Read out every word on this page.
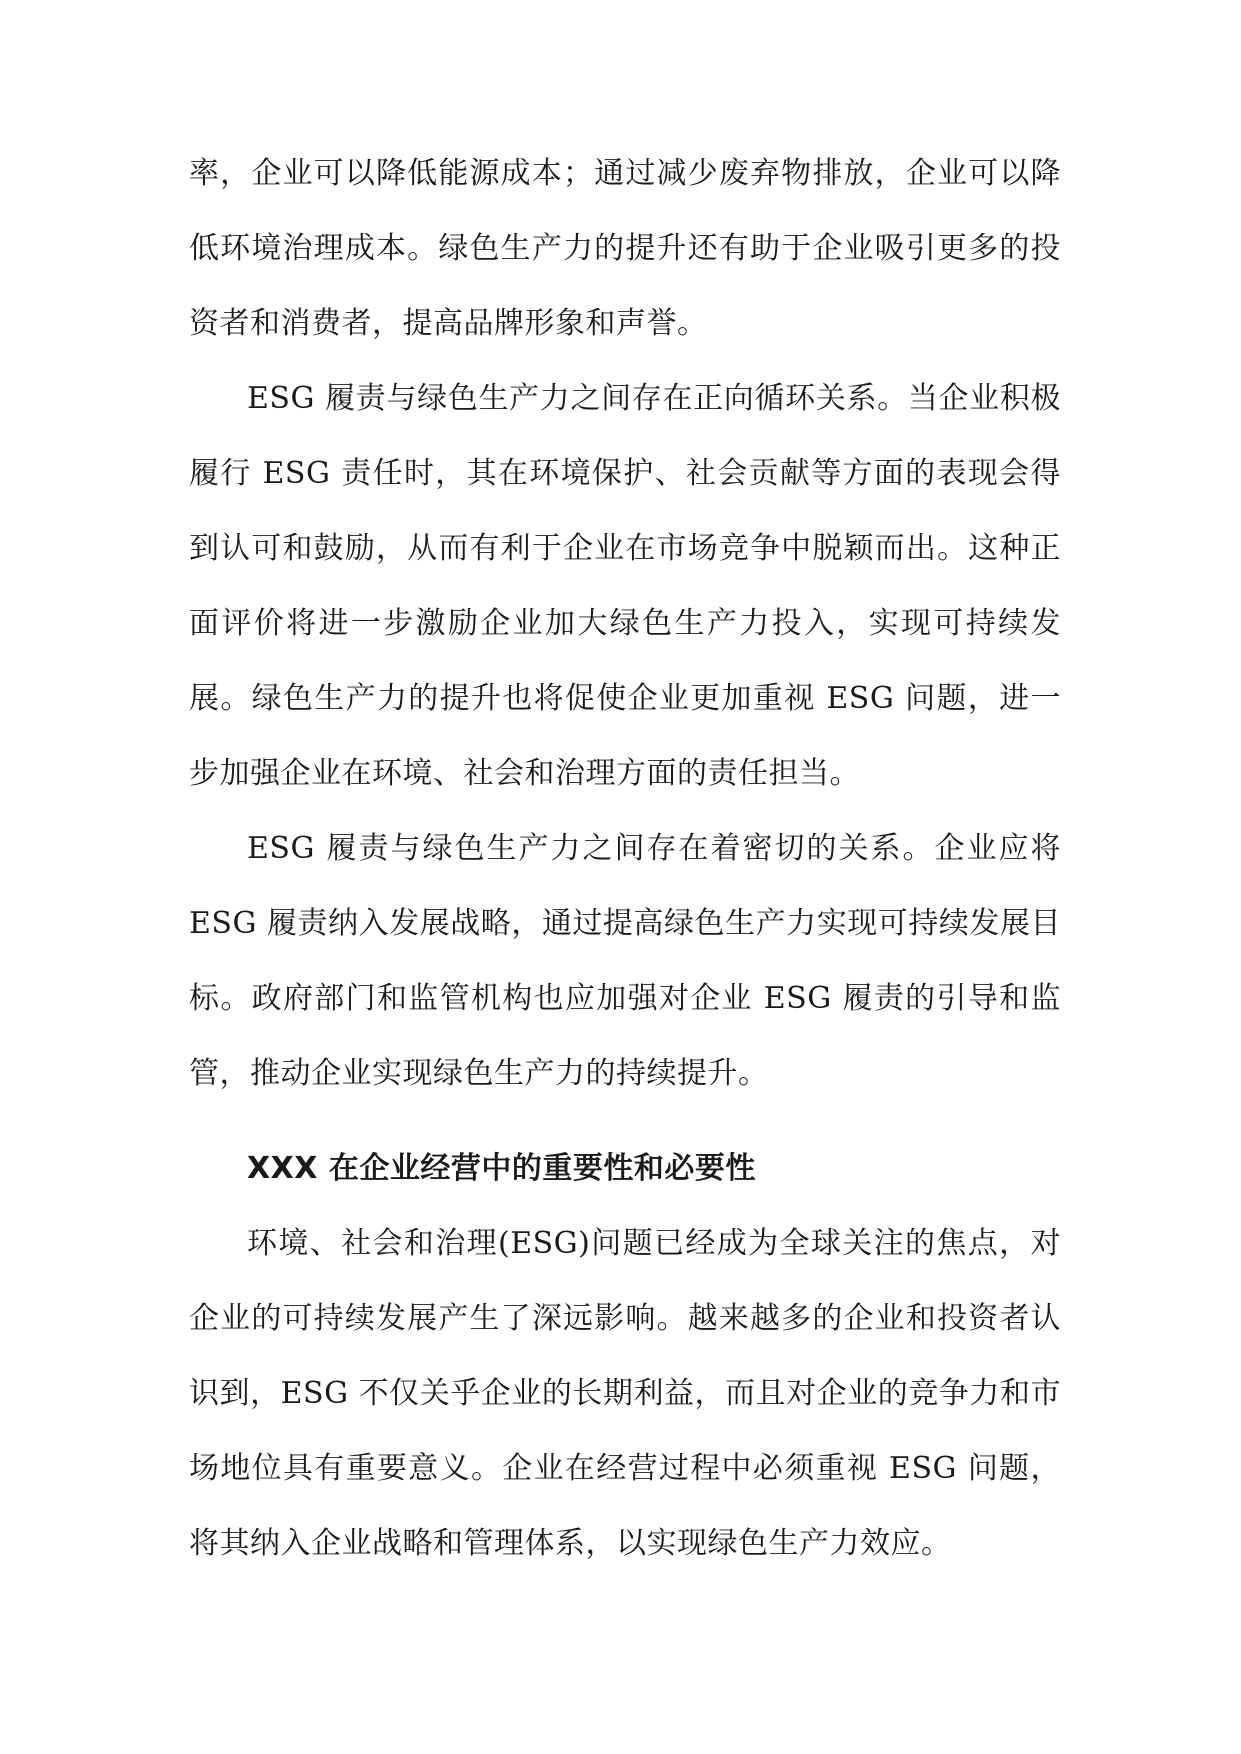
率，企业可以降低能源成本；通过减少废弃物排放，企业可以降低环境治理成本。绿色生产力的提升还有助于企业吸引更多的投资者和消费者，提高品牌形象和声誉。

ESG 履责与绿色生产力之间存在正向循环关系。当企业积极履行 ESG 责任时，其在环境保护、社会贡献等方面的表现会得到认可和鼓励，从而有利于企业在市场竞争中脱颖而出。这种正面评价将进一步激励企业加大绿色生产力投入，实现可持续发展。绿色生产力的提升也将促使企业更加重视 ESG 问题，进一步加强企业在环境、社会和治理方面的责任担当。

ESG 履责与绿色生产力之间存在着密切的关系。企业应将 ESG 履责纳入发展战略，通过提高绿色生产力实现可持续发展目标。政府部门和监管机构也应加强对企业 ESG 履责的引导和监管，推动企业实现绿色生产力的持续提升。

XXX 在企业经营中的重要性和必要性

环境、社会和治理(ESG)问题已经成为全球关注的焦点，对企业的可持续发展产生了深远影响。越来越多的企业和投资者认识到，ESG 不仅关乎企业的长期利益，而且对企业的竞争力和市场地位具有重要意义。企业在经营过程中必须重视 ESG 问题，将其纳入企业战略和管理体系，以实现绿色生产力效应。
